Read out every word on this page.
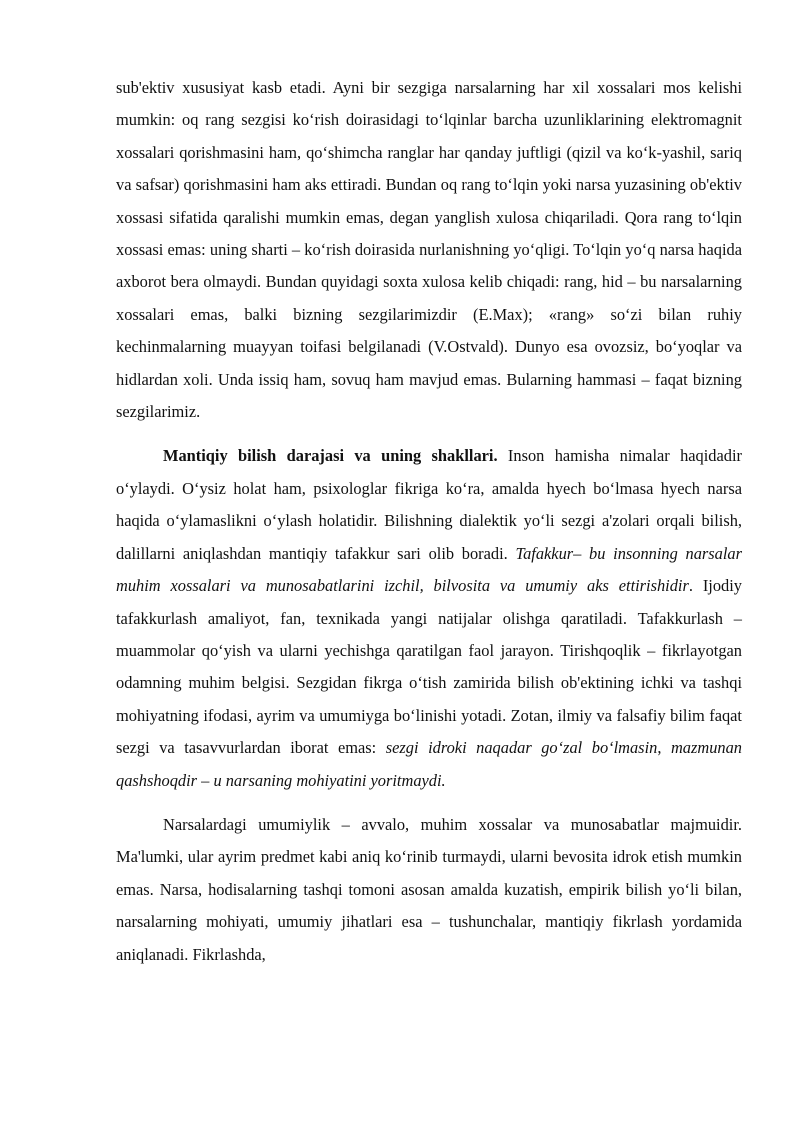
sub'ektiv xususiyat kasb etadi. Ayni bir sezgiga narsalarning har xil xossalari mos kelishi mumkin: oq rang sezgisi ko‘rish doirasidagi to‘lqinlar barcha uzunliklarining elektromagnit xossalari qorishmasini ham, qo‘shimcha ranglar har qanday juftligi (qizil va ko‘k-yashil, sariq va safsar) qorishmasini ham aks ettiradi. Bundan oq rang to‘lqin yoki narsa yuzasining ob'ektiv xossasi sifatida qaralishi mumkin emas, degan yanglish xulosa chiqariladi. Qora rang to‘lqin xossasi emas: uning sharti – ko‘rish doirasida nurlanishning yo‘qligi. To‘lqin yo‘q narsa haqida axborot bera olmaydi. Bundan quyidagi soxta xulosa kelib chiqadi: rang, hid – bu narsalarning xossalari emas, balki bizning sezgilarimizdir (E.Max); «rang» so‘zi bilan ruhiy kechinmalarning muayyan toifasi belgilanadi (V.Ostvald). Dunyo esa ovozsiz, bo‘yoqlar va hidlardan xoli. Unda issiq ham, sovuq ham mavjud emas. Bularning hammasi – faqat bizning sezgilarimiz.

Mantiqiy bilish darajasi va uning shakllari. Inson hamisha nimalar haqidadir o‘ylaydi. O‘ysiz holat ham, psixologlar fikriga ko‘ra, amalda hyech bo‘lmasa hyech narsa haqida o‘ylamaslikni o‘ylash holatidir. Bilishning dialektik yo‘li sezgi a'zolari orqali bilish, dalillarni aniqlashdan mantiqiy tafakkur sari olib boradi. Tafakkur– bu insonning narsalar muhim xossalari va munosabatlarini izchil, bilvosita va umumiy aks ettirishidir. Ijodiy tafakkurlash amaliyot, fan, texnikada yangi natijalar olishga qaratiladi. Tafakkurlash – muammolar qo‘yish va ularni yechishga qaratilgan faol jarayon. Tirishqoqlik – fikrlayotgan odamning muhim belgisi. Sezgidan fikrga o‘tish zamirida bilish ob'ektining ichki va tashqi mohiyatning ifodasi, ayrim va umumiyga bo‘linishi yotadi. Zotan, ilmiy va falsafiy bilim faqat sezgi va tasavvurlardan iborat emas: sezgi idroki naqadar go‘zal bo‘lmasin, mazmunan qashshoqdir – u narsaning mohiyatini yoritmaydi.

Narsalardagi umumiylik – avvalo, muhim xossalar va munosabatlar majmuidir. Ma'lumki, ular ayrim predmet kabi aniq ko‘rinib turmaydi, ularni bevosita idrok etish mumkin emas. Narsa, hodisalarning tashqi tomoni asosan amalda kuzatish, empirik bilish yo‘li bilan, narsalarning mohiyati, umumiy jihatlari esa – tushunchalar, mantiqiy fikrlash yordamida aniqlanadi. Fikrlashda,
